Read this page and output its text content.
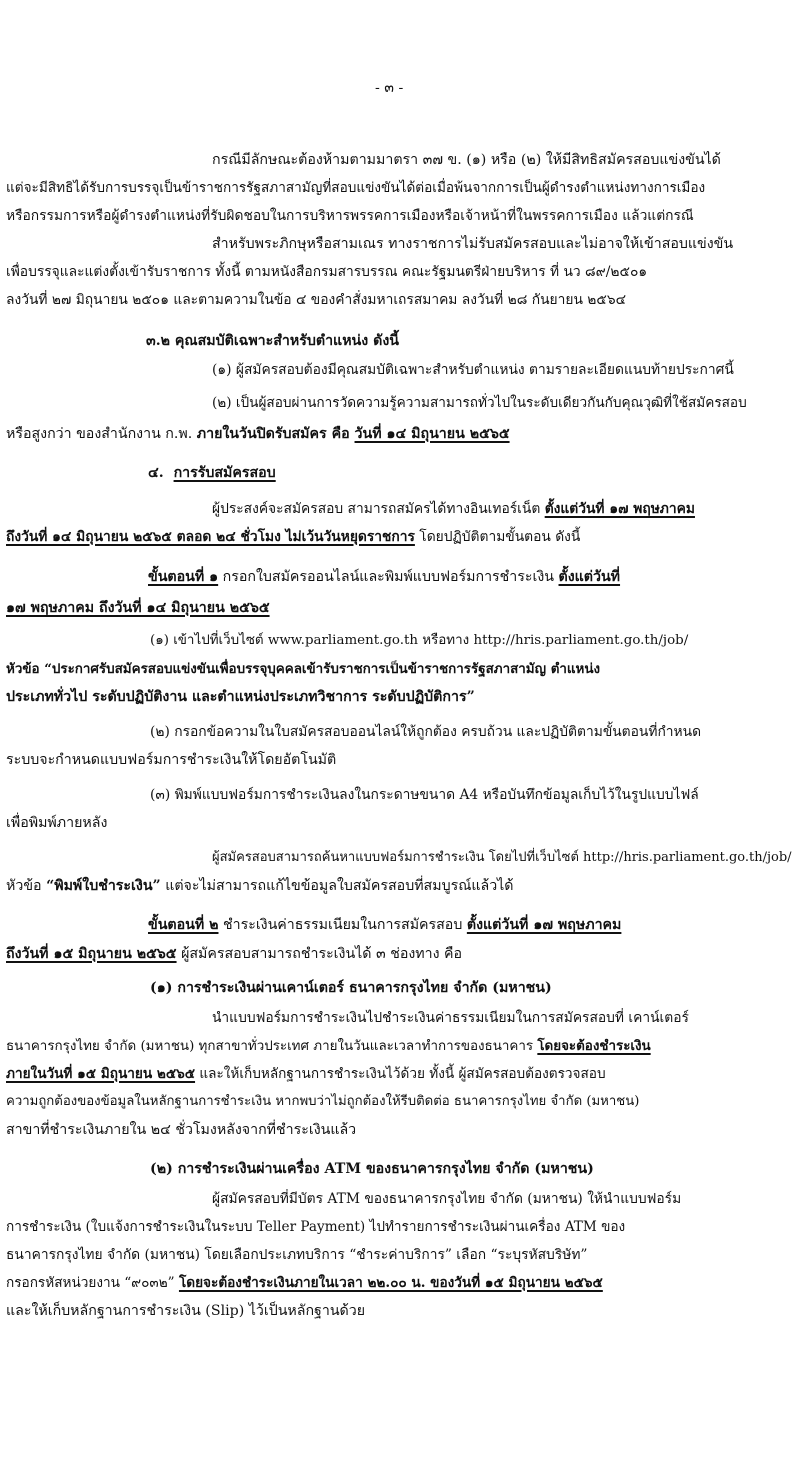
- ๓ -
กรณีมีลักษณะต้องห้ามตามมาตรา ๓๗ ข. (๑) หรือ (๒) ให้มีสิทธิสมัครสอบแข่งขันได้
แต่จะมีสิทธิได้รับการบรรจุเป็นข้าราชการรัฐสภาสามัญที่สอบแข่งขันได้ต่อเมื่อพ้นจากการเป็นผู้ดำรงตำแหน่งทางการเมือง
หรือกรรมการหรือผู้ดำรงตำแหน่งที่รับผิดชอบในการบริหารพรรคการเมืองหรือเจ้าหน้าที่ในพรรคการเมือง แล้วแต่กรณี
สำหรับพระภิกษุหรือสามเณร ทางราชการไม่รับสมัครสอบและไม่อาจให้เข้าสอบแข่งขัน
เพื่อบรรจุและแต่งตั้งเข้ารับราชการ ทั้งนี้ ตามหนังสือกรมสารบรรณ คณะรัฐมนตรีฝ่ายบริหาร ที่ นว ๘๙/๒๕๐๑
ลงวันที่ ๒๗ มิถุนายน ๒๕๐๑ และตามความในข้อ ๔ ของคำสั่งมหาเถรสมาคม ลงวันที่ ๒๘ กันยายน ๒๕๖๔
๓.๒ คุณสมบัติเฉพาะสำหรับตำแหน่ง ดังนี้
(๑) ผู้สมัครสอบต้องมีคุณสมบัติเฉพาะสำหรับตำแหน่ง ตามรายละเอียดแนบท้ายประกาศนี้
(๒) เป็นผู้สอบผ่านการวัดความรู้ความสามารถทั่วไปในระดับเดียวกันกับคุณวุฒิที่ใช้สมัครสอบ
หรือสูงกว่า ของสำนักงาน ก.พ. ภายในวันปิดรับสมัคร คือ วันที่ ๑๔ มิถุนายน ๒๕๖๕
๔. การรับสมัครสอบ
ผู้ประสงค์จะสมัครสอบ สามารถสมัครได้ทางอินเทอร์เน็ต ตั้งแต่วันที่ ๑๗ พฤษภาคม
ถึงวันที่ ๑๔ มิถุนายน ๒๕๖๕ ตลอด ๒๔ ชั่วโมง ไม่เว้นวันหยุดราชการ โดยปฏิบัติตามขั้นตอน ดังนี้
ขั้นตอนที่ ๑ กรอกใบสมัครออนไลน์และพิมพ์แบบฟอร์มการชำระเงิน ตั้งแต่วันที่
๑๗ พฤษภาคม ถึงวันที่ ๑๔ มิถุนายน ๒๕๖๕
(๑) เข้าไปที่เว็บไซต์ www.parliament.go.th หรือทาง http://hris.parliament.go.th/job/
หัวข้อ “ประกาศรับสมัครสอบแข่งขันเพื่อบรรจุบุคคลเข้ารับราชการเป็นข้าราชการรัฐสภาสามัญ ตำแหน่ง
ประเภททั่วไป ระดับปฏิบัติงาน และตำแหน่งประเภทวิชาการ ระดับปฏิบัติการ”
(๒) กรอกข้อความในใบสมัครสอบออนไลน์ให้ถูกต้อง ครบถ้วน และปฏิบัติตามขั้นตอนที่กำหนด
ระบบจะกำหนดแบบฟอร์มการชำระเงินให้โดยอัตโนมัติ
(๓) พิมพ์แบบฟอร์มการชำระเงินลงในกระดาษขนาด A4 หรือบันทึกข้อมูลเก็บไว้ในรูปแบบไฟล์
เพื่อพิมพ์ภายหลัง
ผู้สมัครสอบสามารถค้นหาแบบฟอร์มการชำระเงิน โดยไปที่เว็บไซต์ http://hris.parliament.go.th/job/
หัวข้อ “พิมพ์ใบชำระเงิน” แต่จะไม่สามารถแก้ไขข้อมูลใบสมัครสอบที่สมบูรณ์แล้วได้
ขั้นตอนที่ ๒ ชำระเงินค่าธรรมเนียมในการสมัครสอบ ตั้งแต่วันที่ ๑๗ พฤษภาคม
ถึงวันที่ ๑๕ มิถุนายน ๒๕๖๕ ผู้สมัครสอบสามารถชำระเงินได้ ๓ ช่องทาง คือ
(๑) การชำระเงินผ่านเคาน์เตอร์ ธนาคารกรุงไทย จำกัด (มหาชน)
นำแบบฟอร์มการชำระเงินไปชำระเงินค่าธรรมเนียมในการสมัครสอบที่ เคาน์เตอร์
ธนาคารกรุงไทย จำกัด (มหาชน) ทุกสาขาทั่วประเทศ ภายในวันและเวลาทำการของธนาคาร โดยจะต้องชำระเงิน
ภายในวันที่ ๑๕ มิถุนายน ๒๕๖๕ และให้เก็บหลักฐานการชำระเงินไว้ด้วย ทั้งนี้ ผู้สมัครสอบต้องตรวจสอบ
ความถูกต้องของข้อมูลในหลักฐานการชำระเงิน หากพบว่าไม่ถูกต้องให้รีบติดต่อ ธนาคารกรุงไทย จำกัด (มหาชน)
สาขาที่ชำระเงินภายใน ๒๔ ชั่วโมงหลังจากที่ชำระเงินแล้ว
(๒) การชำระเงินผ่านเครื่อง ATM ของธนาคารกรุงไทย จำกัด (มหาชน)
ผู้สมัครสอบที่มีบัตร ATM ของธนาคารกรุงไทย จำกัด (มหาชน) ให้นำแบบฟอร์ม
การชำระเงิน (ใบแจ้งการชำระเงินในระบบ Teller Payment) ไปทำรายการชำระเงินผ่านเครื่อง ATM ของ
ธนาคารกรุงไทย จำกัด (มหาชน) โดยเลือกประเภทบริการ “ชำระค่าบริการ” เลือก “ระบุรหัสบริษัท”
กรอกรหัสหน่วยงาน “๙๐๓๒” โดยจะต้องชำระเงินภายในเวลา ๒๒.๐๐ น. ของวันที่ ๑๕ มิถุนายน ๒๕๖๕
และให้เก็บหลักฐานการชำระเงิน (Slip) ไว้เป็นหลักฐานด้วย
